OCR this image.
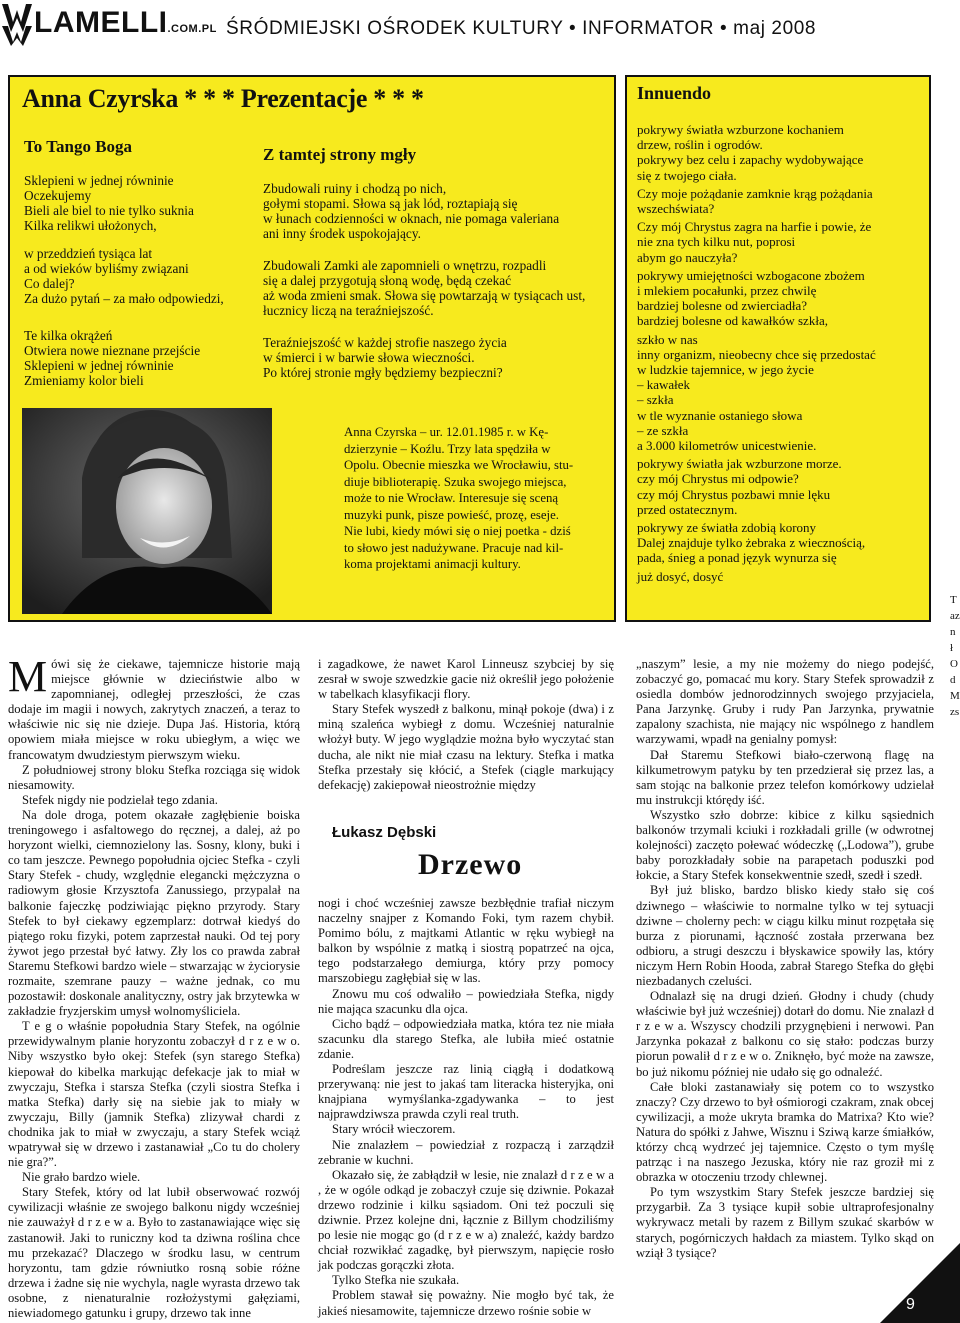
LAMELLI.COM.PL ŚRÓDMIEJSKI OŚRODEK KULTURY • INFORMATOR • maj 2008
Anna Czyrska * * * Prezentacje * * *
To Tango Boga
Sklepieni w jednej równinie
Oczekujemy
Bieli ale biel to nie tylko suknia
Kilka relikwi ułożonych,
w przeddzień tysiąca lat
a od wieków byliśmy związani
Co dalej?
Za dużo pytań – za mało odpowiedzi,
Te kilka okrążeń
Otwiera nowe nieznane przejście
Sklepieni w jednej równinie
Zmieniamy kolor bieli
Z tamtej strony mgły
Zbudowali ruiny i chodzą po nich,
gołymi stopami. Słowa są jak lód, roztapiają się
w łunach codzienności w oknach, nie pomaga valeriana
ani inny środek uspokojający.
Zbudowali Zamki ale zapomnieli o wnętrzu, rozpadli
się a dalej przygotują słoną wodę, będą czekać
aż woda zmieni smak. Słowa się powtarzają w tysiącach ust,
łucznicy liczą na teraźniejszość.
Teraźniejszość w każdej strofie naszego życia
w śmierci i w barwie słowa wieczności.
Po której stronie mgły będziemy bezpieczni?
Anna Czyrska – ur. 12.01.1985 r. w Kę-
dzierzynie – Koźlu. Trzy lata spędziła w
Opolu. Obecnie mieszka we Wrocławiu, stu-
diuje biblioterapię. Szuka swojego miejsca,
może to nie Wrocław. Interesuje się sceną
muzyki punk, pisze powieść, prozę, eseje.
Nie lubi, kiedy mówi się o niej poetka - dziś
to słowo jest nadużywane. Pracuje nad kil-
koma projektami animacji kultury.
Innuendo
pokrywy światła wzburzone kochaniem
drzew, roślin i ogrodów.
pokrywy bez celu i zapachy wydobywające
się z twojego ciała.
Czy moje pożądanie zamknie krąg pożądania
wszechświata?
Czy mój Chrystus zagra na harfie i powie, że
nie zna tych kilku nut, poprosi
abym go nauczyła?
pokrywy umiejętności wzbogacone zbożem
i mlekiem pocałunki, przez chwilę
bardziej bolesne od zwierciadła?
bardziej bolesne od kawałków szkła,
szkło w nas
inny organizm, nieobecny chce się przedostać
w ludzkie tajemnice, w jego życie
– kawałek
– szkła
w tle wyznanie ostaniego słowa
– ze szkła
a 3.000 kilometrów unicestwienie.
pokrywy światła jak wzburzone morze.
czy mój Chrystus mi odpowie?
czy mój Chrystus pozbawi mnie lęku
przed ostatecznym.
pokrywy ze światła zdobią korony
Dalej znajduje tylko żebraka z wiecznością,
pada, śnieg a ponad język wynurza się
już dosyć, dosyć

Mówi się że ciekawe, tajemnicze historie mają miejsce głównie w dzieciństwie albo w zapomnianej, odległej przeszłości, że czas dodaje im magii i nowych, zakrytych znaczeń, a teraz to właściwie nic się nie dzieje. Dupa Jaś. Historia, którą opowiem miała miejsce w roku ubiegłym, a więc we francowatym dwudziestym pierwszym wieku.

Z południowej strony bloku Stefka rozciąga się widok niesamowity.

Stefek nigdy nie podzielał tego zdania.

Na dole droga, potem okazałe zagłębienie boiska treningowego i asfaltowego do ręcznej, a dalej, aż po horyzont wielki, ciemnozielony las. Sosny, klony, buki i co tam jeszcze. Pewnego popołudnia ojciec Stefka - czyli Stary Stefek - chudy, względnie elegancki mężczyzna o radiowym głosie Krzysztofa Zanussiego, przypalał na balkonie fajeczkę podziwiając piękno przyrody. Stary Stefek to był ciekawy egzemplarz: dotrwał kiedyś do piątego roku fizyki, potem zaprzestał nauki. Od tej pory żywot jego przestał być łatwy. Zły los co prawda zabrał Staremu Stefkowi bardzo wiele – stwarzając w życiorysie rozmaite, szemrane pauzy – ważne jednak, co mu pozostawił: doskonale analityczny, ostry jak brzytewka w zakładzie fryzjerskim umysł wolnomyśliciela.

T e g o właśnie popołudnia Stary Stefek, na ogólnie przewidywalnym planie horyzontu zobaczył d r z e w o. Niby wszystko było okej: Stefek (syn starego Stefka) kiepował do kibelka markując defekacje jak to miał w zwyczaju, Stefka i starsza Stefka (czyli siostra Stefka i matka Stefka) darły się na siebie jak to miały w zwyczaju, Billy (jamnik Stefka) zlizywał chardi z chodnika jak to miał w zwyczaju, a stary Stefek wciąż wpatrywał się w drzewo i zastanawiał „Co tu do cholery nie gra?”.

Nie grało bardzo wiele.

Stary Stefek, który od lat lubił obserwować rozwój cywilizacji właśnie ze swojego balkonu nigdy wcześniej nie zauważył d r z e w a. Było to zastanawiające więc się zastanowił. Jaki to runiczny kod ta dziwna roślina chce mu przekazać? Dlaczego w środku lasu, w centrum horyzontu, tam gdzie równiutko rosną sobie różne drzewa i żadne się nie wychyla, nagle wyrasta drzewo tak osobne, z nienaturalnie rozłożystymi gałęziami, niewiadomego gatunku i grupy, drzewo tak inne

i zagadkowe, że nawet Karol Linneusz szybciej by się zesrał w swoje szwedzkie gacie niż określił jego położenie w tabelkach klasyfikacji flory.

Stary Stefek wyszedł z balkonu, minął pokoje (dwa) i z miną szaleńca wybiegł z domu. Wcześniej naturalnie włożył buty. W jego wyglądzie można było wyczytać stan ducha, ale nikt nie miał czasu na lektury. Stefka i matka Stefka przestały się kłócić, a Stefek (ciągle markujący defekację) zakiepował nieostrożnie między

Łukasz Dębski
Drzewo

nogi i choć wcześniej zawsze bezbłędnie trafiał niczym naczelny snajper z Komando Foki, tym razem chybił. Pomimo bólu, z majtkami Atlantic w ręku wybiegł na balkon by wspólnie z matką i siostrą popatrzeć na ojca, tego podstarzałego demiurga, który przy pomocy marszobiegu zagłębiał się w las.

Znowu mu coś odwaliło – powiedziała Stefka, nigdy nie mająca szacunku dla ojca.

Cicho bądź – odpowiedziała matka, która tez nie miała szacunku dla starego Stefka, ale lubiła mieć ostatnie zdanie.

Podreślam jeszcze raz linią ciągłą i dodatkową przerywaną: nie jest to jakaś tam literacka histeryjka, oni knajpiana wymyślanka-zgadywanka – to jest najprawdziwsza prawda czyli real truth.

Stary wrócił wieczorem.

Nie znalazłem – powiedział z rozpaczą i zarządził zebranie w kuchni.

Okazało się, że zabłądził w lesie, nie znalazł d r z e w a , że w ogóle odkąd je zobaczył czuje się dziwnie. Pokazał drzewo rodzinie i kilku sąsiadom. Oni też poczuli się dziwnie. Przez kolejne dni, łącznie z Billym chodziliśmy po lesie nie mogąc go (d r z e w a) znaleźć, każdy bardzo chciał rozwikłać zagadkę, był pierwszym, napięcie rosło jak podczas gorączki złota.

Tylko Stefka nie szukała.

Problem stawał się poważny. Nie mogło być tak, że jakieś niesamowite, tajemnicze drzewo rośnie sobie w

„naszym” lesie, a my nie możemy do niego podejść, zobaczyć go, pomacać mu kory. Stary Stefek sprowadził z osiedla dombów jednorodzinnych swojego przyjaciela, Pana Jarzynkę. Gruby i rudy Pan Jarzynka, prywatnie zapalony szachista, nie mający nic wspólnego z handlem warzywami, wpadł na genialny pomysł:

Dał Staremu Stefkowi biało-czerwoną flagę na kilkumetrowym patyku by ten przedzierał się przez las, a sam stojąc na balkonie przez telefon komórkowy udzielał mu instrukcji którędy iść.

Wszystko szło dobrze: kibice z kilku sąsiednich balkonów trzymali kciuki i rozkładali grille (w odwrotnej kolejności) zaczęto połewać wódeczkę („Lodowa”), grube baby porozkładały sobie na parapetach poduszki pod łokcie, a Stary Stefek konsekwentnie szedł, szedł i szedł.

Był już blisko, bardzo blisko kiedy stało się coś dziwnego – właściwie to normalne tylko w tej sytuacji dziwne – cholerny pech: w ciągu kilku minut rozpętała się burza z piorunami, łączność została przerwana bez odbioru, a strugi deszczu i błyskawice spowiły las, który niczym Hern Robin Hooda, zabrał Starego Stefka do głębi niezbadanych czeluści.

Odnalazł się na drugi dzień. Głodny i chudy (chudy właściwie był już wcześniej) dotarł do domu. Nie znalazł d r z e w a. Wszyscy chodzili przygnębieni i nerwowi. Pan Jarzynka pokazał z balkonu co się stało: podczas burzy piorun powalił d r z e w o. Zniknęło, być może na zawsze, bo już nikomu później nie udało się go odnaleźć.

Całe bloki zastanawiały się potem co to wszystko znaczy? Czy drzewo to był ośmiorogi czakram, znak obcej cywilizacji, a może ukryta bramka do Matrixa? Kto wie? Natura do spółki z Jahwe, Wisznu i Sziwą karze śmiałków, którzy chcą wydrzeć jej tajemnice. Często o tym myślę patrząc i na naszego Jezuska, który nie raz groził mi z obrazka w otoczeniu trzody chlewnej.

Po tym wszystkim Stary Stefek jeszcze bardziej się przygarbił. Za 3 tysiące kupił sobie ultraprofesjonalny wykrywacz metali by razem z Billym szukać skarbów w starych, pogórniczych hałdach za miastem. Tylko skąd on wziął 3 tysiące?

Tazn łOdMzs
9
